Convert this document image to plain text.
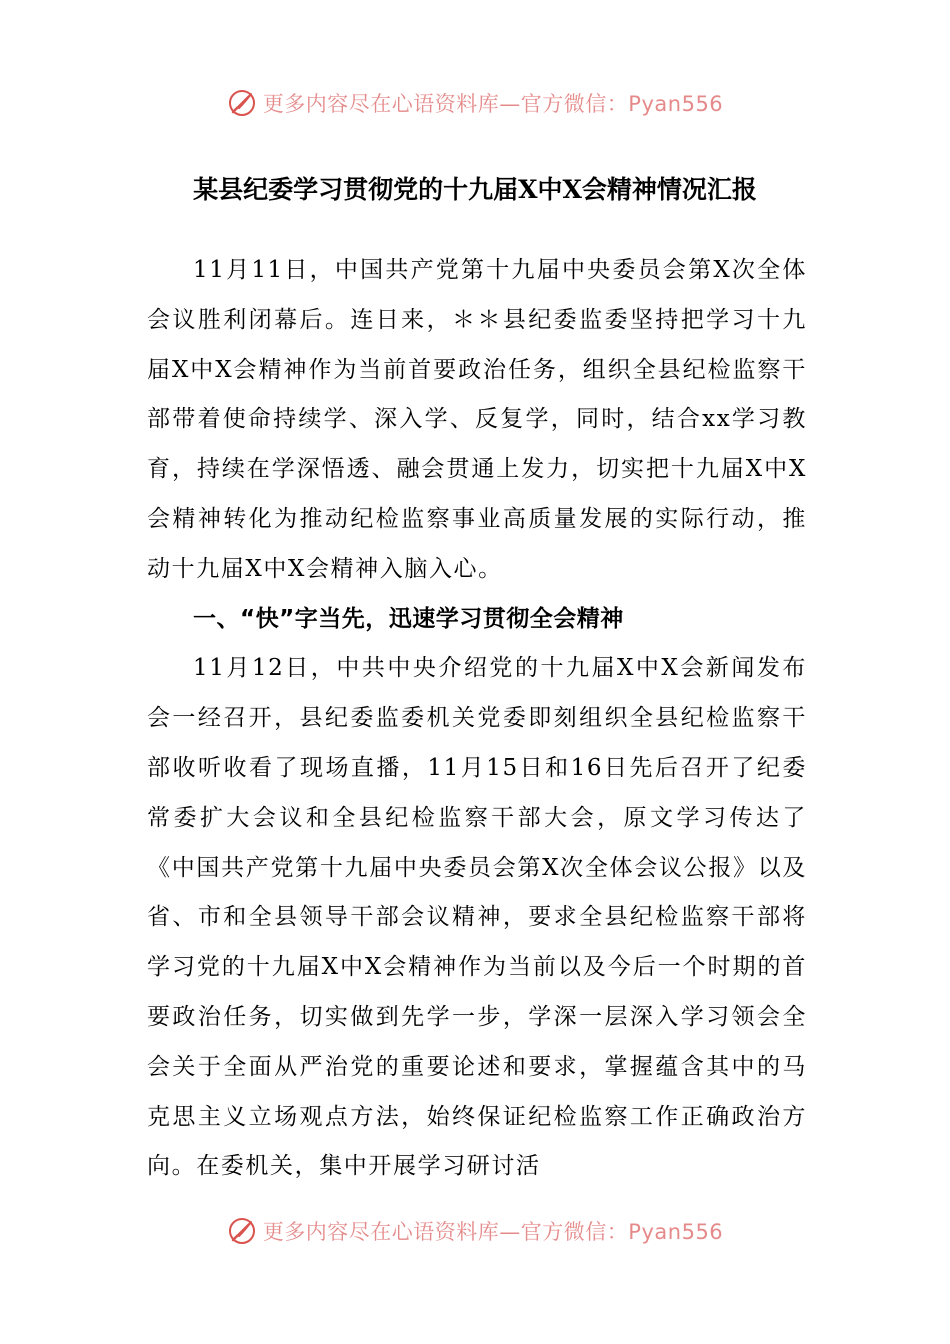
更多内容尽在心语资料库—官方微信：Pyan556
某县纪委学习贯彻党的十九届X中X会精神情况汇报

11月11日，中国共产党第十九届中央委员会第X次全体会议胜利闭幕后。连日来，＊＊县纪委监委坚持把学习十九届X中X会精神作为当前首要政治任务，组织全县纪检监察干部带着使命持续学、深入学、反复学，同时，结合xx学习教育，持续在学深悟透、融会贯通上发力，切实把十九届X中X会精神转化为推动纪检监察事业高质量发展的实际行动，推动十九届X中X会精神入脑入心。

一、“快”字当先，迅速学习贯彻全会精神

11月12日，中共中央介绍党的十九届X中X会新闻发布会一经召开，县纪委监委机关党委即刻组织全县纪检监察干部收听收看了现场直播，11月15日和16日先后召开了纪委常委扩大会议和全县纪检监察干部大会，原文学习传达了《中国共产党第十九届中央委员会第X次全体会议公报》以及省、市和全县领导干部会议精神，要求全县纪检监察干部将学习党的十九届X中X会精神作为当前以及今后一个时期的首要政治任务，切实做到先学一步，学深一层深入学习领会全会关于全面从严治党的重要论述和要求，掌握蕴含其中的马克思主义立场观点方法，始终保证纪检监察工作正确政治方向。在委机关，集中开展学习研讨活

更多内容尽在心语资料库—官方微信：Pyan556
